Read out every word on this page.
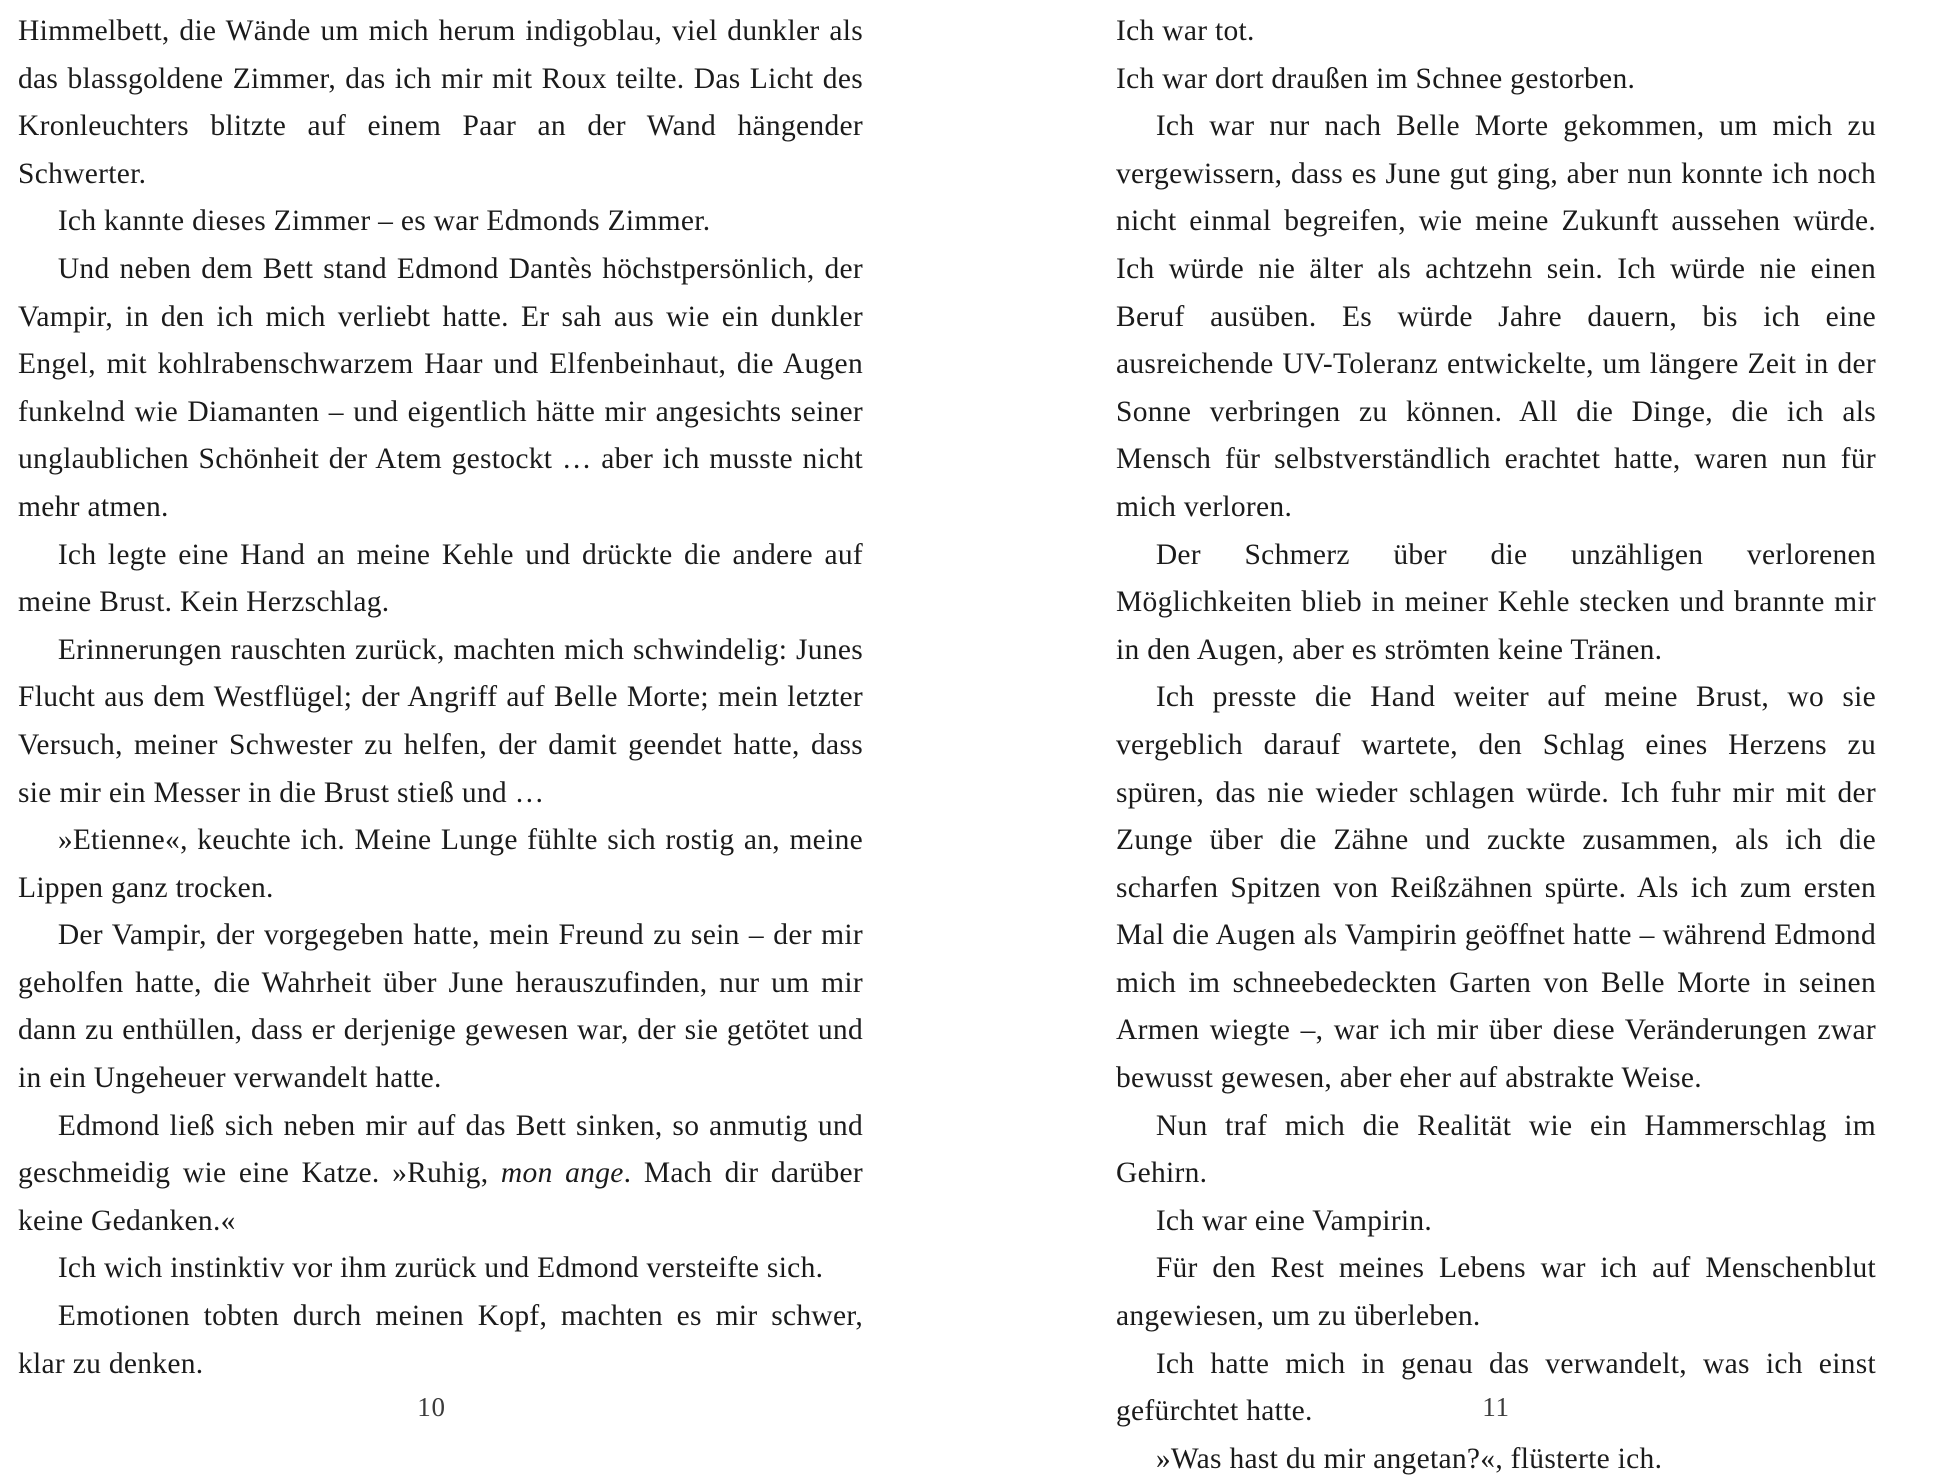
Himmelbett, die Wände um mich herum indigoblau, viel dunkler als das blassgoldene Zimmer, das ich mir mit Roux teilte. Das Licht des Kronleuchters blitzte auf einem Paar an der Wand hängender Schwerter.

Ich kannte dieses Zimmer – es war Edmonds Zimmer.

Und neben dem Bett stand Edmond Dantès höchstpersönlich, der Vampir, in den ich mich verliebt hatte. Er sah aus wie ein dunkler Engel, mit kohlrabenschwarzem Haar und Elfenbeinhaut, die Augen funkelnd wie Diamanten – und eigentlich hätte mir angesichts seiner unglaublichen Schönheit der Atem gestockt … aber ich musste nicht mehr atmen.

Ich legte eine Hand an meine Kehle und drückte die andere auf meine Brust. Kein Herzschlag.

Erinnerungen rauschten zurück, machten mich schwindelig: Junes Flucht aus dem Westflügel; der Angriff auf Belle Morte; mein letzter Versuch, meiner Schwester zu helfen, der damit geendet hatte, dass sie mir ein Messer in die Brust stieß und …

»Etienne«, keuchte ich. Meine Lunge fühlte sich rostig an, meine Lippen ganz trocken.

Der Vampir, der vorgegeben hatte, mein Freund zu sein – der mir geholfen hatte, die Wahrheit über June herauszufinden, nur um mir dann zu enthüllen, dass er derjenige gewesen war, der sie getötet und in ein Ungeheuer verwandelt hatte.

Edmond ließ sich neben mir auf das Bett sinken, so anmutig und geschmeidig wie eine Katze. »Ruhig, mon ange. Mach dir darüber keine Gedanken.«

Ich wich instinktiv vor ihm zurück und Edmond versteifte sich.

Emotionen tobten durch meinen Kopf, machten es mir schwer, klar zu denken.

10

Ich war tot.

Ich war dort draußen im Schnee gestorben.

Ich war nur nach Belle Morte gekommen, um mich zu vergewissern, dass es June gut ging, aber nun konnte ich noch nicht einmal begreifen, wie meine Zukunft aussehen würde. Ich würde nie älter als achtzehn sein. Ich würde nie einen Beruf ausüben. Es würde Jahre dauern, bis ich eine ausreichende UV-Toleranz entwickelte, um längere Zeit in der Sonne verbringen zu können. All die Dinge, die ich als Mensch für selbstverständlich erachtet hatte, waren nun für mich verloren.

Der Schmerz über die unzähligen verlorenen Möglichkeiten blieb in meiner Kehle stecken und brannte mir in den Augen, aber es strömten keine Tränen.

Ich presste die Hand weiter auf meine Brust, wo sie vergeblich darauf wartete, den Schlag eines Herzens zu spüren, das nie wieder schlagen würde. Ich fuhr mir mit der Zunge über die Zähne und zuckte zusammen, als ich die scharfen Spitzen von Reißzähnen spürte. Als ich zum ersten Mal die Augen als Vampirin geöffnet hatte – während Edmond mich im schneebedeckten Garten von Belle Morte in seinen Armen wiegte –, war ich mir über diese Veränderungen zwar bewusst gewesen, aber eher auf abstrakte Weise.

Nun traf mich die Realität wie ein Hammerschlag im Gehirn.

Ich war eine Vampirin.

Für den Rest meines Lebens war ich auf Menschenblut angewiesen, um zu überleben.

Ich hatte mich in genau das verwandelt, was ich einst gefürchtet hatte.

»Was hast du mir angetan?«, flüsterte ich.

11
